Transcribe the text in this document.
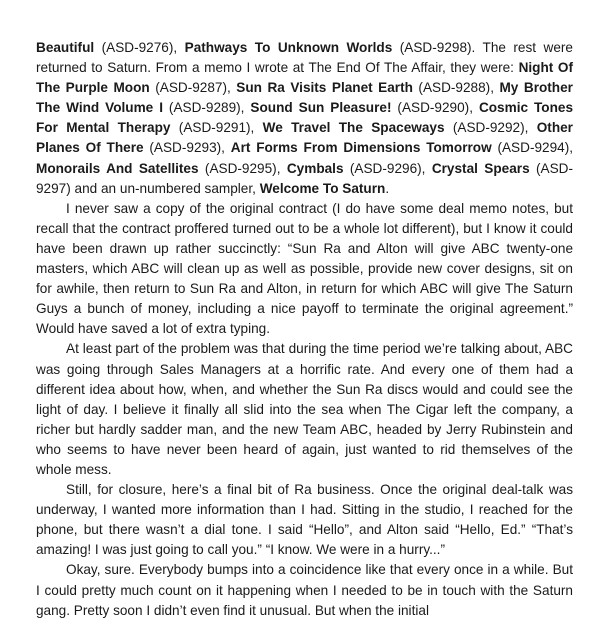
Beautiful (ASD-9276), Pathways To Unknown Worlds (ASD-9298). The rest were returned to Saturn. From a memo I wrote at The End Of The Affair, they were: Night Of The Purple Moon (ASD-9287), Sun Ra Visits Planet Earth (ASD-9288), My Brother The Wind Volume I (ASD-9289), Sound Sun Pleasure! (ASD-9290), Cosmic Tones For Mental Therapy (ASD-9291), We Travel The Spaceways (ASD-9292), Other Planes Of There (ASD-9293), Art Forms From Dimensions Tomorrow (ASD-9294), Monorails And Satellites (ASD-9295), Cymbals (ASD-9296), Crystal Spears (ASD-9297) and an un-numbered sampler, Welcome To Saturn.

I never saw a copy of the original contract (I do have some deal memo notes, but recall that the contract proffered turned out to be a whole lot different), but I know it could have been drawn up rather succinctly: “Sun Ra and Alton will give ABC twenty-one masters, which ABC will clean up as well as possible, provide new cover designs, sit on for awhile, then return to Sun Ra and Alton, in return for which ABC will give The Saturn Guys a bunch of money, including a nice payoff to terminate the original agreement.” Would have saved a lot of extra typing.

At least part of the problem was that during the time period we’re talking about, ABC was going through Sales Managers at a horrific rate. And every one of them had a different idea about how, when, and whether the Sun Ra discs would and could see the light of day. I believe it finally all slid into the sea when The Cigar left the company, a richer but hardly sadder man, and the new Team ABC, headed by Jerry Rubinstein and who seems to have never been heard of again, just wanted to rid themselves of the whole mess.

Still, for closure, here’s a final bit of Ra business. Once the original deal-talk was underway, I wanted more information than I had. Sitting in the studio, I reached for the phone, but there wasn’t a dial tone. I said “Hello”, and Alton said “Hello, Ed.” “That’s amazing! I was just going to call you.” “I know. We were in a hurry...”

Okay, sure. Everybody bumps into a coincidence like that every once in a while. But I could pretty much count on it happening when I needed to be in touch with the Saturn gang. Pretty soon I didn’t even find it unusual. But when the initial
